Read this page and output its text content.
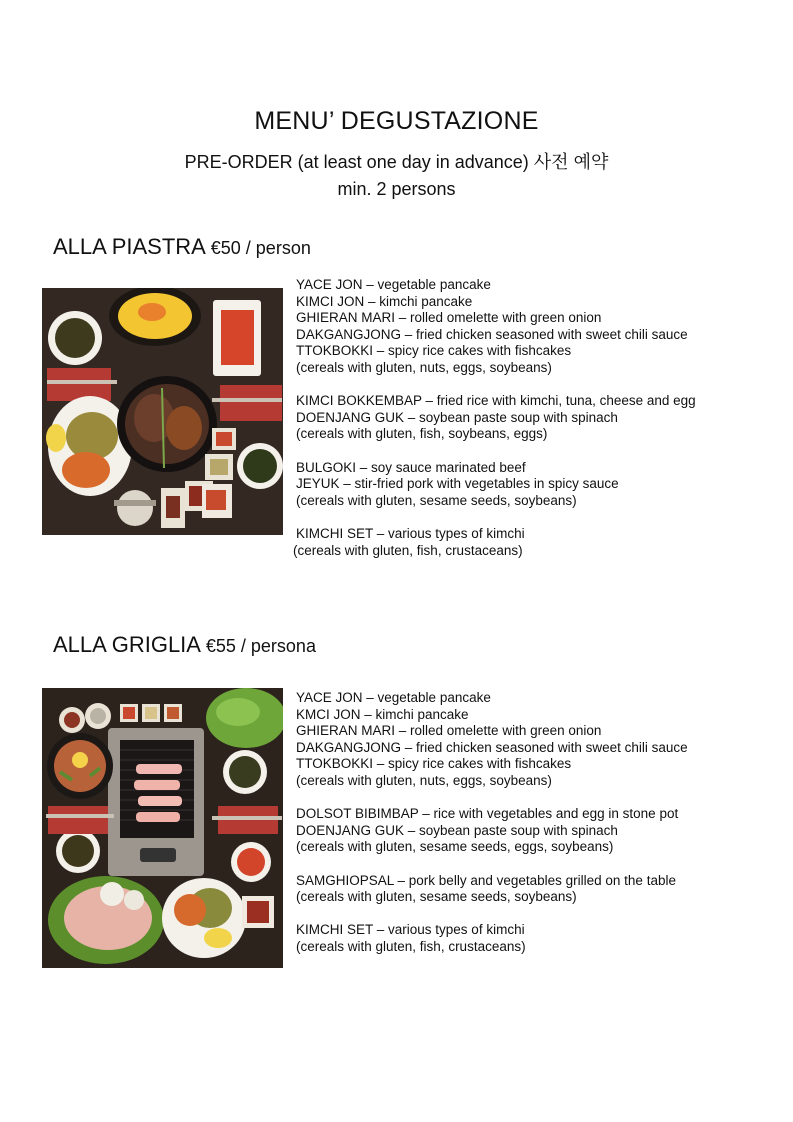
MENU’ DEGUSTAZIONE
PRE-ORDER (at least one day in advance) 사전 예약
min. 2 persons
ALLA PIASTRA €50 / person
YACE JON – vegetable pancake
KIMCI JON – kimchi pancake
GHIERAN MARI – rolled omelette with green onion
DAKGANGJONG – fried chicken seasoned with sweet chili sauce
TTOKBOKKI – spicy rice cakes with fishcakes
(cereals with gluten, nuts, eggs, soybeans)
KIMCI BOKKEMBAP – fried rice with kimchi, tuna, cheese and egg
DOENJANG GUK – soybean paste soup with spinach
(cereals with gluten, fish, soybeans, eggs)
BULGOKI – soy sauce marinated beef
JEYUK – stir-fried pork with vegetables in spicy sauce
(cereals with gluten, sesame seeds, soybeans)
KIMCHI SET – various types of kimchi
(cereals with gluten, fish, crustaceans)
ALLA GRIGLIA €55 / persona
YACE JON – vegetable pancake
KMCI JON – kimchi pancake
GHIERAN MARI – rolled omelette with green onion
DAKGANGJONG – fried chicken seasoned with sweet chili sauce
TTOKBOKKI – spicy rice cakes with fishcakes
(cereals with gluten, nuts, eggs, soybeans)
DOLSOT BIBIMBAP – rice with vegetables and egg in stone pot
DOENJANG GUK – soybean paste soup with spinach
(cereals with gluten, sesame seeds, eggs, soybeans)
SAMGHIOPSAL – pork belly and vegetables grilled on the table
(cereals with gluten, sesame seeds, soybeans)
KIMCHI SET – various types of kimchi
(cereals with gluten, fish, crustaceans)
